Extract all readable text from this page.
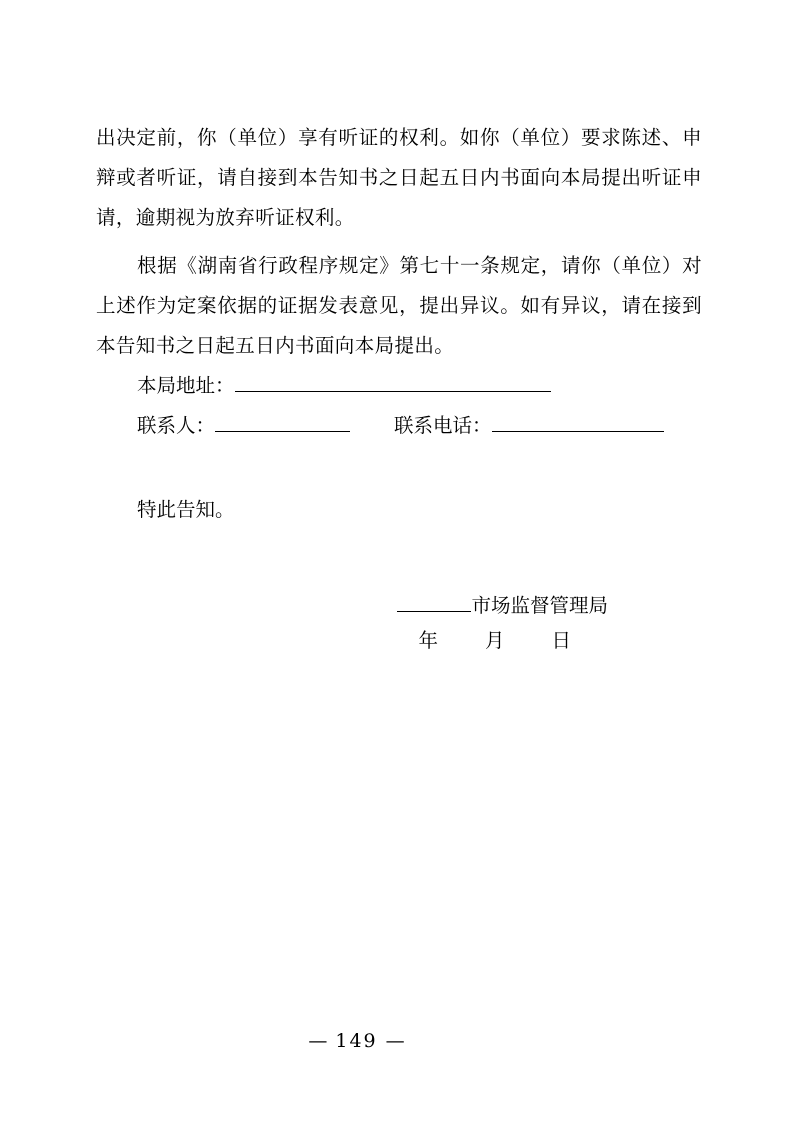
出决定前，你（单位）享有听证的权利。如你（单位）要求陈述、申辩或者听证，请自接到本告知书之日起五日内书面向本局提出听证申请，逾期视为放弃听证权利。

根据《湖南省行政程序规定》第七十一条规定，请你（单位）对上述作为定案依据的证据发表意见，提出异议。如有异议，请在接到本告知书之日起五日内书面向本局提出。

本局地址：

联系人：	联系电话：

特此告知。

市场监督管理局
年 月 日
— 149 —
